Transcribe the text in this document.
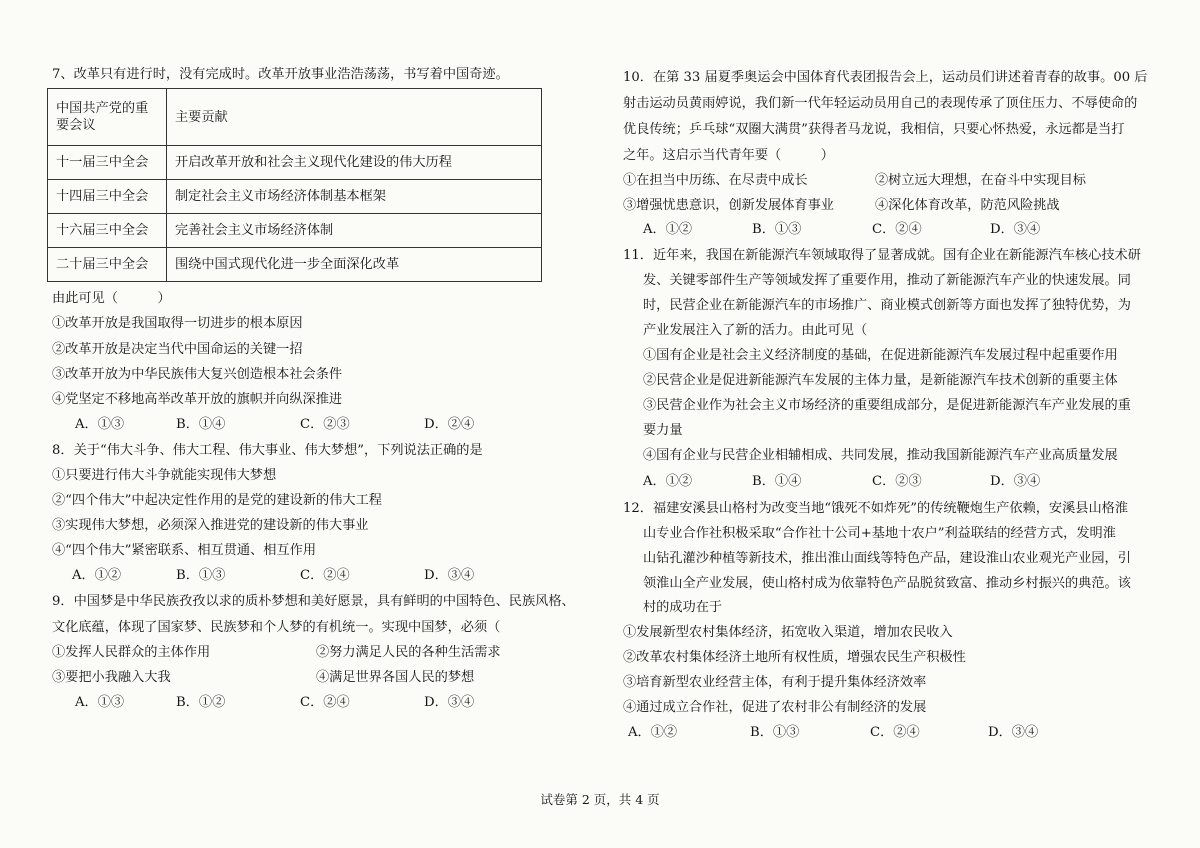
7、改革只有进行时，没有完成时。改革开放事业浩浩荡荡，书写着中国奇迹。
中国共产党的重要会议	主要贡献
十一届三中全会	开启改革开放和社会主义现代化建设的伟大历程
十四届三中全会	制定社会主义市场经济体制基本框架
十六届三中全会	完善社会主义市场经济体制
二十届三中全会	围绕中国式现代化进一步全面深化改革
由此可见（　　　）
①改革开放是我国取得一切进步的根本原因
②改革开放是决定当代中国命运的关键一招
③改革开放为中华民族伟大复兴创造根本社会条件
④党坚定不移地高举改革开放的旗帜并向纵深推进
A．①③	B．①④	C．②③	D．②④
8．关于“伟大斗争、伟大工程、伟大事业、伟大梦想”，下列说法正确的是
①只要进行伟大斗争就能实现伟大梦想
②“四个伟大”中起决定性作用的是党的建设新的伟大工程
③实现伟大梦想，必须深入推进党的建设新的伟大事业
④“四个伟大”紧密联系、相互贯通、相互作用
A．①②	B．①③	C．②④	D．③④
9．中国梦是中华民族孜孜以求的质朴梦想和美好愿景，具有鲜明的中国特色、民族风格、
文化底蕴，体现了国家梦、民族梦和个人梦的有机统一。实现中国梦，必须（
①发挥人民群众的主体作用	②努力满足人民的各种生活需求
③要把小我融入大我	④满足世界各国人民的梦想
A．①③	B．①②	C．②④	D．③④
10．在第 33 届夏季奥运会中国体育代表团报告会上，运动员们讲述着青春的故事。00 后
射击运动员黄雨婷说，我们新一代年轻运动员用自己的表现传承了顶住压力、不辱使命的
优良传统；乒乓球“双圈大满贯”获得者马龙说，我相信，只要心怀热爱，永远都是当打
之年。这启示当代青年要（　　　）
①在担当中历练、在尽责中成长	②树立远大理想，在奋斗中实现目标
③增强忧患意识，创新发展体育事业	④深化体育改革，防范风险挑战
A．①②	B．①③	C．②④	D．③④
11．近年来，我国在新能源汽车领域取得了显著成就。国有企业在新能源汽车核心技术研
发、关键零部件生产等领域发挥了重要作用，推动了新能源汽车产业的快速发展。同
时，民营企业在新能源汽车的市场推广、商业模式创新等方面也发挥了独特优势，为
产业发展注入了新的活力。由此可见（
①国有企业是社会主义经济制度的基础，在促进新能源汽车发展过程中起重要作用
②民营企业是促进新能源汽车发展的主体力量，是新能源汽车技术创新的重要主体
③民营企业作为社会主义市场经济的重要组成部分，是促进新能源汽车产业发展的重
要力量
④国有企业与民营企业相辅相成、共同发展，推动我国新能源汽车产业高质量发展
A．①②	B．①④	C．②③	D．③④
12．福建安溪县山格村为改变当地“饿死不如炸死”的传统鞭炮生产依赖，安溪县山格淮
山专业合作社积极采取“合作社十公司+基地十农户”利益联结的经营方式，发明淮
山钻孔灌沙种植等新技术，推出淮山面线等特色产品，建设淮山农业观光产业园，引
领淮山全产业发展，使山格村成为依靠特色产品脱贫致富、推动乡村振兴的典范。该
村的成功在于
①发展新型农村集体经济，拓宽收入渠道，增加农民收入
②改革农村集体经济土地所有权性质，增强农民生产积极性
③培育新型农业经营主体，有利于提升集体经济效率
④通过成立合作社，促进了农村非公有制经济的发展
A．①②	B．①③	C．②④	D．③④
试卷第 2 页，共 4 页
